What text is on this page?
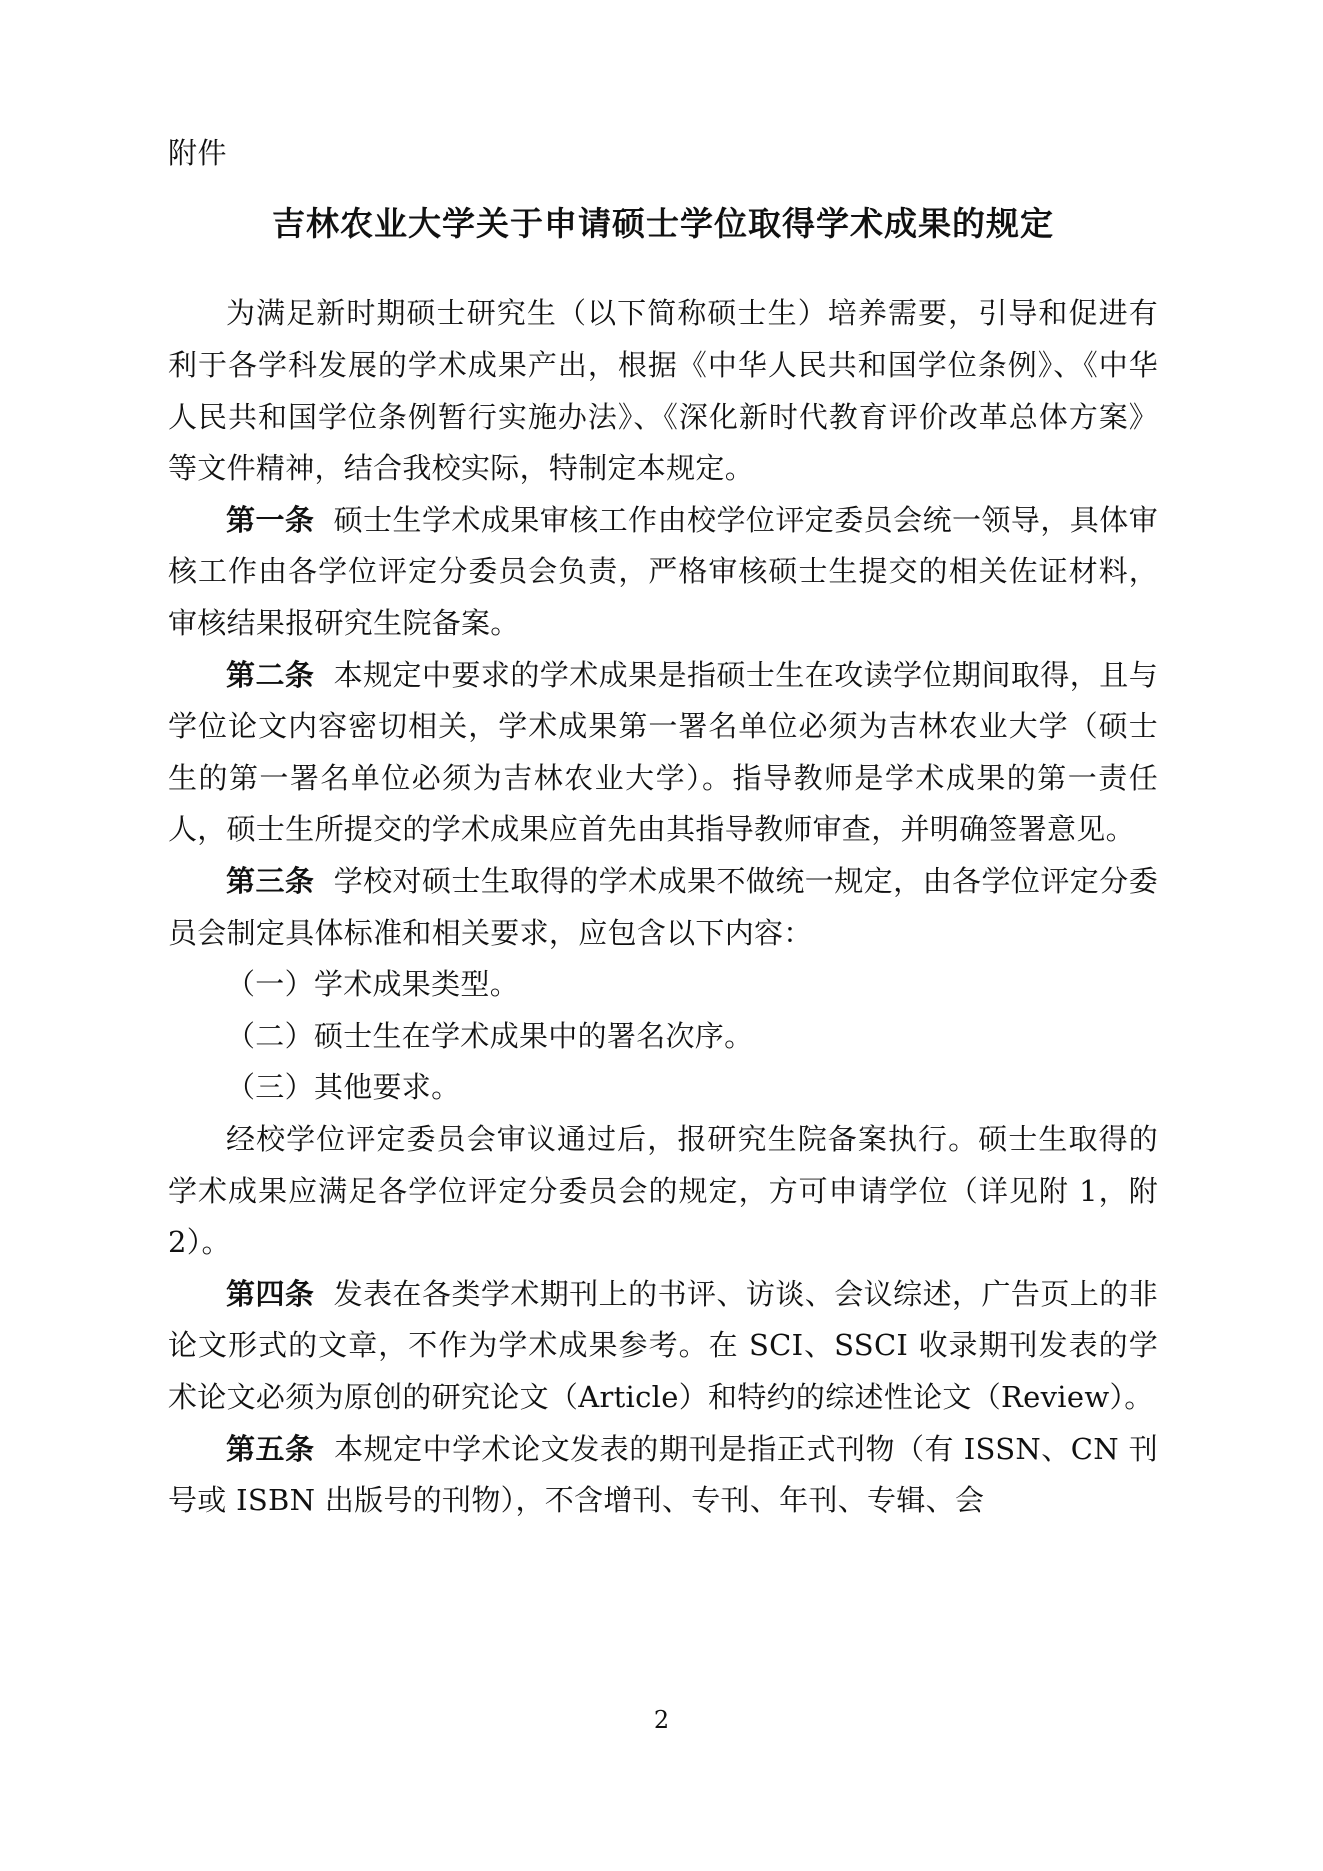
附件
吉林农业大学关于申请硕士学位取得学术成果的规定

为满足新时期硕士研究生（以下简称硕士生）培养需要，引导和促进有利于各学科发展的学术成果产出，根据《中华人民共和国学位条例》、《中华人民共和国学位条例暂行实施办法》、《深化新时代教育评价改革总体方案》等文件精神，结合我校实际，特制定本规定。

第一条 硕士生学术成果审核工作由校学位评定委员会统一领导，具体审核工作由各学位评定分委员会负责，严格审核硕士生提交的相关佐证材料，审核结果报研究生院备案。

第二条 本规定中要求的学术成果是指硕士生在攻读学位期间取得，且与学位论文内容密切相关，学术成果第一署名单位必须为吉林农业大学（硕士生的第一署名单位必须为吉林农业大学）。指导教师是学术成果的第一责任人，硕士生所提交的学术成果应首先由其指导教师审查，并明确签署意见。

第三条 学校对硕士生取得的学术成果不做统一规定，由各学位评定分委员会制定具体标准和相关要求，应包含以下内容：

（一）学术成果类型。

（二）硕士生在学术成果中的署名次序。

（三）其他要求。

经校学位评定委员会审议通过后，报研究生院备案执行。硕士生取得的学术成果应满足各学位评定分委员会的规定，方可申请学位（详见附 1，附 2）。

第四条 发表在各类学术期刊上的书评、访谈、会议综述，广告页上的非论文形式的文章，不作为学术成果参考。在 SCI、SSCI 收录期刊发表的学术论文必须为原创的研究论文（Article）和特约的综述性论文（Review）。

第五条 本规定中学术论文发表的期刊是指正式刊物（有 ISSN、CN 刊号或 ISBN 出版号的刊物），不含增刊、专刊、年刊、专辑、会

2
